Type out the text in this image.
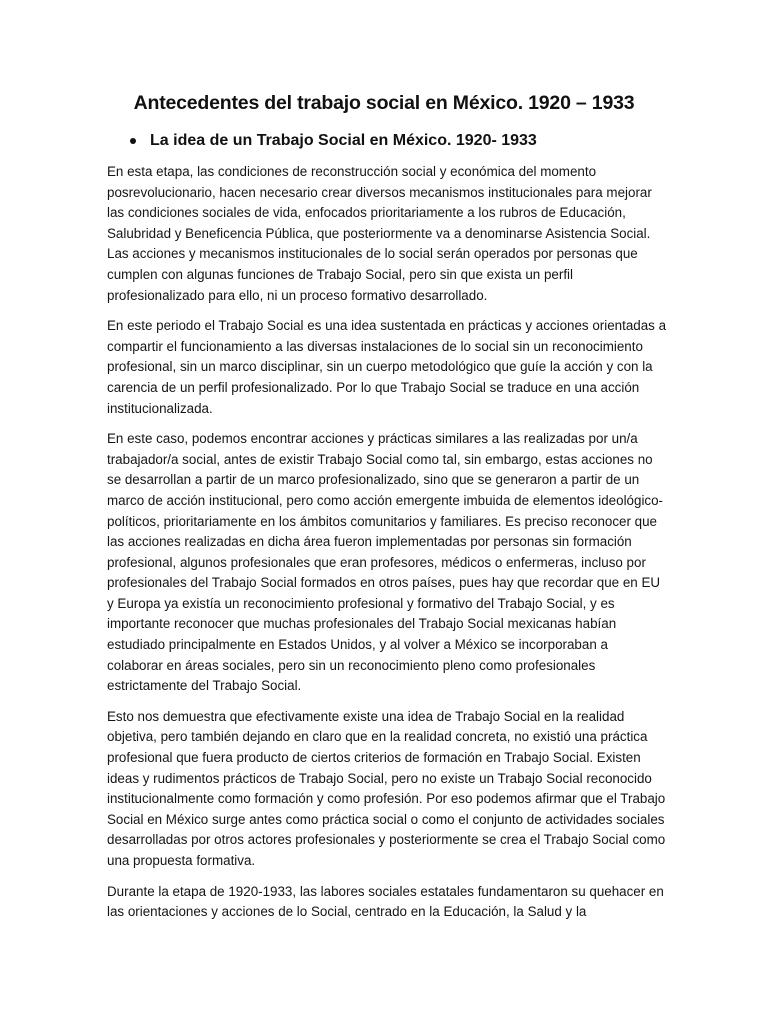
Antecedentes del trabajo social en México. 1920 – 1933
La idea de un Trabajo Social en México. 1920- 1933

En esta etapa, las condiciones de reconstrucción social y económica del momento posrevolucionario, hacen necesario crear diversos mecanismos institucionales para mejorar las condiciones sociales de vida, enfocados prioritariamente a los rubros de Educación, Salubridad y Beneficencia Pública, que posteriormente va a denominarse Asistencia Social. Las acciones y mecanismos institucionales de lo social serán operados por personas que cumplen con algunas funciones de Trabajo Social, pero sin que exista un perfil profesionalizado para ello, ni un proceso formativo desarrollado.

En este periodo el Trabajo Social es una idea sustentada en prácticas y acciones orientadas a compartir el funcionamiento a las diversas instalaciones de lo social sin un reconocimiento profesional, sin un marco disciplinar, sin un cuerpo metodológico que guíe la acción y con la carencia de un perfil profesionalizado. Por lo que Trabajo Social se traduce en una acción institucionalizada.

En este caso, podemos encontrar acciones y prácticas similares a las realizadas por un/a trabajador/a social, antes de existir Trabajo Social como tal, sin embargo, estas acciones no se desarrollan a partir de un marco profesionalizado, sino que se generaron a partir de un marco de acción institucional, pero como acción emergente imbuida de elementos ideológico-políticos, prioritariamente en los ámbitos comunitarios y familiares. Es preciso reconocer que las acciones realizadas en dicha área fueron implementadas por personas sin formación profesional, algunos profesionales que eran profesores, médicos o enfermeras, incluso por profesionales del Trabajo Social formados en otros países, pues hay que recordar que en EU y Europa ya existía un reconocimiento profesional y formativo del Trabajo Social, y es importante reconocer que muchas profesionales del Trabajo Social mexicanas habían estudiado principalmente en Estados Unidos, y al volver a México se incorporaban a colaborar en áreas sociales, pero sin un reconocimiento pleno como profesionales estrictamente del Trabajo Social.

Esto nos demuestra que efectivamente existe una idea de Trabajo Social en la realidad objetiva, pero también dejando en claro que en la realidad concreta, no existió una práctica profesional que fuera producto de ciertos criterios de formación en Trabajo Social. Existen ideas y rudimentos prácticos de Trabajo Social, pero no existe un Trabajo Social reconocido institucionalmente como formación y como profesión. Por eso podemos afirmar que el Trabajo Social en México surge antes como práctica social o como el conjunto de actividades sociales desarrolladas por otros actores profesionales y posteriormente se crea el Trabajo Social como una propuesta formativa.

Durante la etapa de 1920-1933, las labores sociales estatales fundamentaron su quehacer en las orientaciones y acciones de lo Social, centrado en la Educación, la Salud y la
